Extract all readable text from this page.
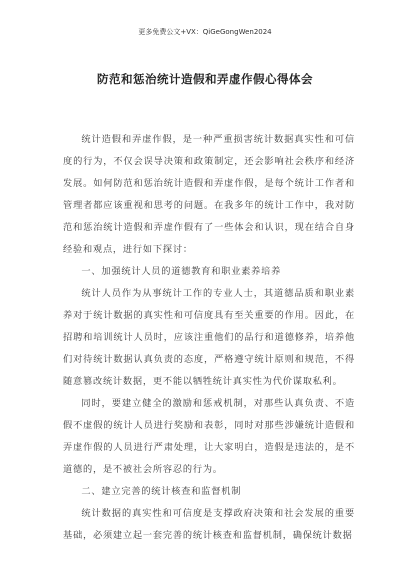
更多免费公文+VX：QiGeGongWen2024
防范和惩治统计造假和弄虚作假心得体会

统计造假和弄虚作假，是一种严重损害统计数据真实性和可信度的行为，不仅会误导决策和政策制定，还会影响社会秩序和经济发展。如何防范和惩治统计造假和弄虚作假，是每个统计工作者和管理者都应该重视和思考的问题。在我多年的统计工作中，我对防范和惩治统计造假和弄虚作假有了一些体会和认识，现在结合自身经验和观点，进行如下探讨：

一、加强统计人员的道德教育和职业素养培养

统计人员作为从事统计工作的专业人士，其道德品质和职业素养对于统计数据的真实性和可信度具有至关重要的作用。因此，在招聘和培训统计人员时，应该注重他们的品行和道德修养，培养他们对待统计数据认真负责的态度，严格遵守统计原则和规范，不得随意篡改统计数据，更不能以牺牲统计真实性为代价谋取私利。

同时，要建立健全的激励和惩戒机制，对那些认真负责、不造假不虚假的统计人员进行奖励和表彰，同时对那些涉嫌统计造假和弄虚作假的人员进行严肃处理，让大家明白，造假是违法的，是不道德的，是不被社会所容忍的行为。

二、建立完善的统计核查和监督机制

统计数据的真实性和可信度是支撑政府决策和社会发展的重要基础，必须建立起一套完善的统计核查和监督机制，确保统计数据
